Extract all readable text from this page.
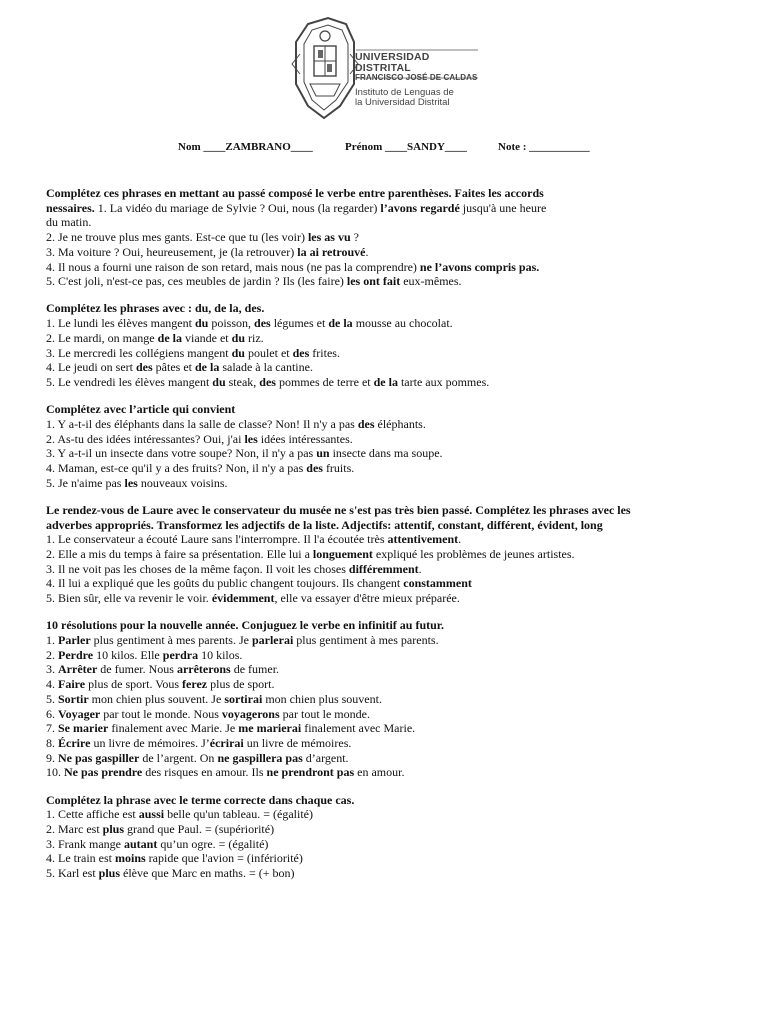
UNIVERSIDAD DISTRITAL
FRANCISCO JOSÉ DE CALDAS
Instituto de Lenguas de
la Universidad Distrital
Nom ____ZAMBRANO____	Prénom ____SANDY____	Note : ___________
Complétez ces phrases en mettant au passé composé le verbe entre parenthèses. Faites les accords
nessaires. 1. La vidéo du mariage de Sylvie ? Oui, nous (la regarder) l’avons regardé jusqu'à une heure
du matin.
2. Je ne trouve plus mes gants. Est-ce que tu (les voir) les as vu ?
3. Ma voiture ? Oui, heureusement, je (la retrouver) la ai retrouvé.
4. Il nous a fourni une raison de son retard, mais nous (ne pas la comprendre) ne l’avons compris pas.
5. C'est joli, n'est-ce pas, ces meubles de jardin ? Ils (les faire) les ont fait eux-mêmes.
Complétez les phrases avec : du, de la, des.
1. Le lundi les élèves mangent du poisson, des légumes et de la mousse au chocolat.
2. Le mardi, on mange de la viande et du riz.
3. Le mercredi les collégiens mangent du poulet et des frites.
4. Le jeudi on sert des pâtes et de la salade à la cantine.
5. Le vendredi les élèves mangent du steak, des pommes de terre et de la tarte aux pommes.
Complétez avec l’article qui convient
1. Y a-t-il des éléphants dans la salle de classe? Non! Il n'y a pas des éléphants.
2. As-tu des idées intéressantes? Oui, j'ai les idées intéressantes.
3. Y a-t-il un insecte dans votre soupe? Non, il n'y a pas un insecte dans ma soupe.
4. Maman, est-ce qu'il y a des fruits? Non, il n'y a pas des fruits.
5. Je n'aime pas les nouveaux voisins.
Le rendez-vous de Laure avec le conservateur du musée ne s'est pas très bien passé. Complétez les phrases avec les
adverbes appropriés. Transformez les adjectifs de la liste. Adjectifs: attentif, constant, différent, évident, long
1. Le conservateur a écouté Laure sans l'interrompre. Il l'a écoutée très attentivement.
2. Elle a mis du temps à faire sa présentation. Elle lui a longuement expliqué les problèmes de jeunes artistes.
3. Il ne voit pas les choses de la même façon. Il voit les choses différemment.
4. Il lui a expliqué que les goûts du public changent toujours. Ils changent constamment
5. Bien sûr, elle va revenir le voir. évidemment, elle va essayer d'être mieux préparée.
10 résolutions pour la nouvelle année. Conjuguez le verbe en infinitif au futur.
1. Parler plus gentiment à mes parents. Je parlerai plus gentiment à mes parents.
2. Perdre 10 kilos. Elle perdra 10 kilos.
3. Arrêter de fumer. Nous arrêterons de fumer.
4. Faire plus de sport. Vous ferez plus de sport.
5. Sortir mon chien plus souvent. Je sortirai mon chien plus souvent.
6. Voyager par tout le monde. Nous voyagerons par tout le monde.
7. Se marier finalement avec Marie. Je me marierai finalement avec Marie.
8. Écrire un livre de mémoires. J’écrirai un livre de mémoires.
9. Ne pas gaspiller de l’argent. On ne gaspillera pas d’argent.
10. Ne pas prendre des risques en amour. Ils ne prendront pas en amour.
Complétez la phrase avec le terme correcte dans chaque cas.
1. Cette affiche est aussi belle qu'un tableau. = (égalité)
2. Marc est plus grand que Paul. = (supériorité)
3. Frank mange autant qu’un ogre. = (égalité)
4. Le train est moins rapide que l'avion = (infériorité)
5. Karl est plus élève que Marc en maths. = (+ bon)
